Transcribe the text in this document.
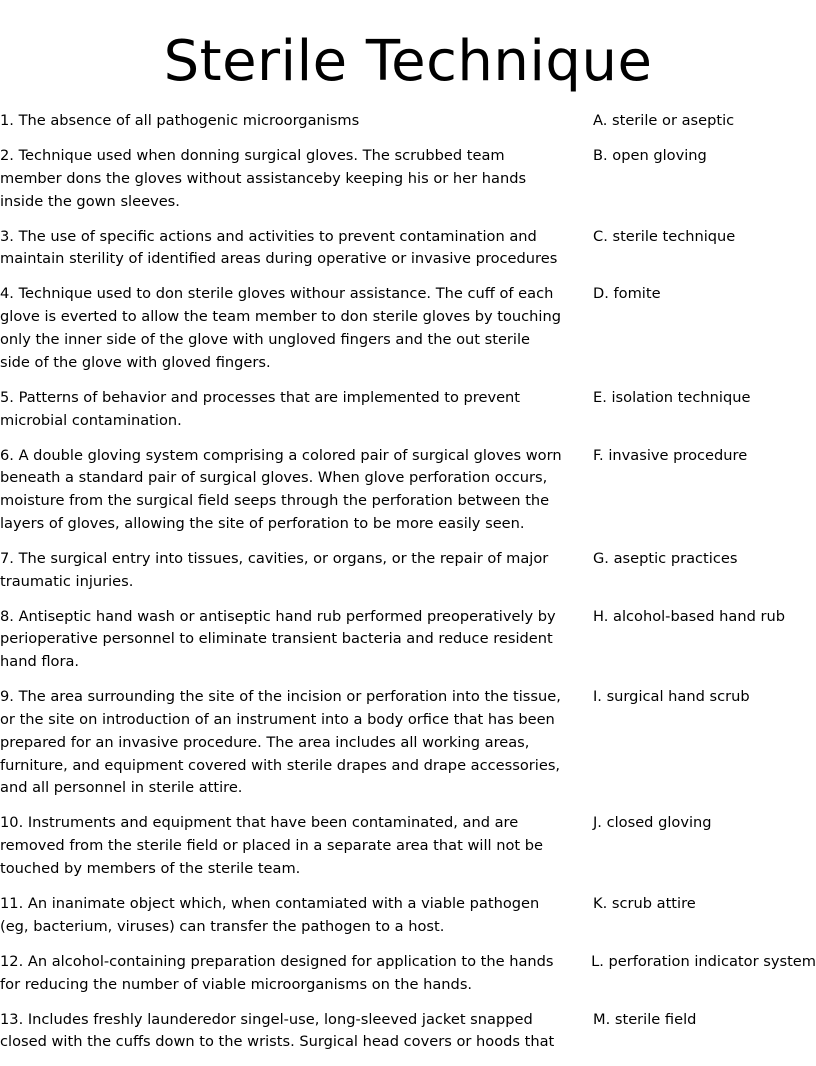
Sterile Technique
1. The absence of all pathogenic microorganisms	A. sterile or aseptic
2. Technique used when donning surgical gloves. The scrubbed team member dons the gloves without assistanceby keeping his or her hands inside the gown sleeves.
B. open gloving
3. The use of specific actions and activities to prevent contamination and maintain sterility of identified areas during operative or invasive procedures
C. sterile technique
4. Technique used to don sterile gloves withour assistance. The cuff of each glove is everted to allow the team member to don sterile gloves by touching only the inner side of the glove with ungloved fingers and the out sterile side of the glove with gloved fingers.
D. fomite
5. Patterns of behavior and processes that are implemented to prevent microbial contamination.
E. isolation technique
6. A double gloving system comprising a colored pair of surgical gloves worn beneath a standard pair of surgical gloves. When glove perforation occurs, moisture from the surgical field seeps through the perforation between the layers of gloves, allowing the site of perforation to be more easily seen.
F. invasive procedure
7. The surgical entry into tissues, cavities, or organs, or the repair of major traumatic injuries.
G. aseptic practices
8. Antiseptic hand wash or antiseptic hand rub performed preoperatively by perioperative personnel to eliminate transient bacteria and reduce resident hand flora.
H. alcohol-based hand rub
9. The area surrounding the site of the incision or perforation into the tissue, or the site on introduction of an instrument into a body orfice that has been prepared for an invasive procedure. The area includes all working areas, furniture, and equipment covered with sterile drapes and drape accessories, and all personnel in sterile attire.
I. surgical hand scrub
10. Instruments and equipment that have been contaminated, and are removed from the sterile field or placed in a separate area that will not be touched by members of the sterile team.
J. closed gloving
11. An inanimate object which, when contamiated with a viable pathogen (eg, bacterium, viruses) can transfer the pathogen to a host.
K. scrub attire
12. An alcohol-containing preparation designed for application to the hands for reducing the number of viable microorganisms on the hands.
L. perforation indicator system
13. Includes freshly launderedor singel-use, long-sleeved jacket snapped closed with the cuffs down to the wrists. Surgical head covers or hoods that
M. sterile field
